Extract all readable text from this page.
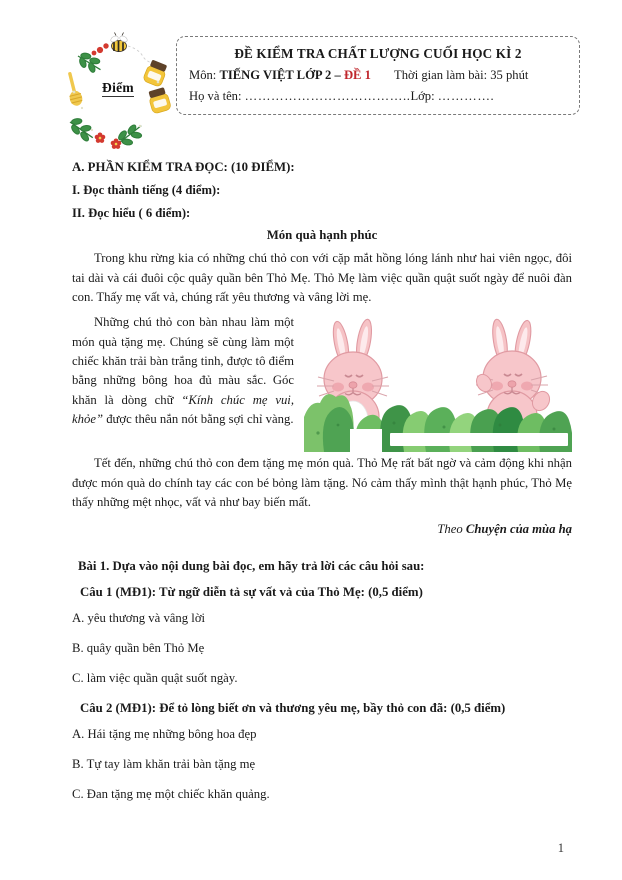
Điểm
ĐỀ KIỂM TRA CHẤT LƯỢNG CUỐI HỌC KÌ 2
Môn: TIẾNG VIỆT LỚP 2 – ĐỀ 1 Thời gian làm bài: 35 phút
Họ và tên: ………………………………..Lớp: ………….
A. PHẦN KIỂM TRA ĐỌC: (10 ĐIỂM):
I. Đọc thành tiếng (4 điểm):
II. Đọc hiểu ( 6 điểm):
Món quà hạnh phúc

Trong khu rừng kia có những chú thỏ con với cặp mắt hồng lóng lánh như hai viên ngọc, đôi tai dài và cái đuôi cộc quây quần bên Thỏ Mẹ. Thỏ Mẹ làm việc quần quật suốt ngày để nuôi đàn con. Thấy mẹ vất vả, chúng rất yêu thương và vâng lời mẹ.

Những chú thỏ con bàn nhau làm một món quà tặng mẹ. Chúng sẽ cùng làm một chiếc khăn trải bàn trắng tinh, được tô điểm bằng những bông hoa đủ màu sắc. Góc khăn là dòng chữ “Kính chúc mẹ vui, khỏe” được thêu nắn nót bằng sợi chỉ vàng.

Tết đến, những chú thỏ con đem tặng mẹ món quà. Thỏ Mẹ rất bất ngờ và cảm động khi nhận được món quà do chính tay các con bé bỏng làm tặng. Nó cảm thấy mình thật hạnh phúc, Thỏ Mẹ thấy những mệt nhọc, vất vả như bay biến mất.

Theo Chuyện của mùa hạ

Bài 1. Dựa vào nội dung bài đọc, em hãy trả lời các câu hỏi sau:
Câu 1 (MĐ1): Từ ngữ diễn tả sự vất vả của Thỏ Mẹ: (0,5 điểm)
A. yêu thương và vâng lời
B. quây quần bên Thỏ Mẹ
C. làm việc quần quật suốt ngày.
Câu 2 (MĐ1): Để tỏ lòng biết ơn và thương yêu mẹ, bầy thỏ con đã: (0,5 điểm)
A. Hái tặng mẹ những bông hoa đẹp
B. Tự tay làm khăn trải bàn tặng mẹ
C. Đan tặng mẹ một chiếc khăn quảng.
1
